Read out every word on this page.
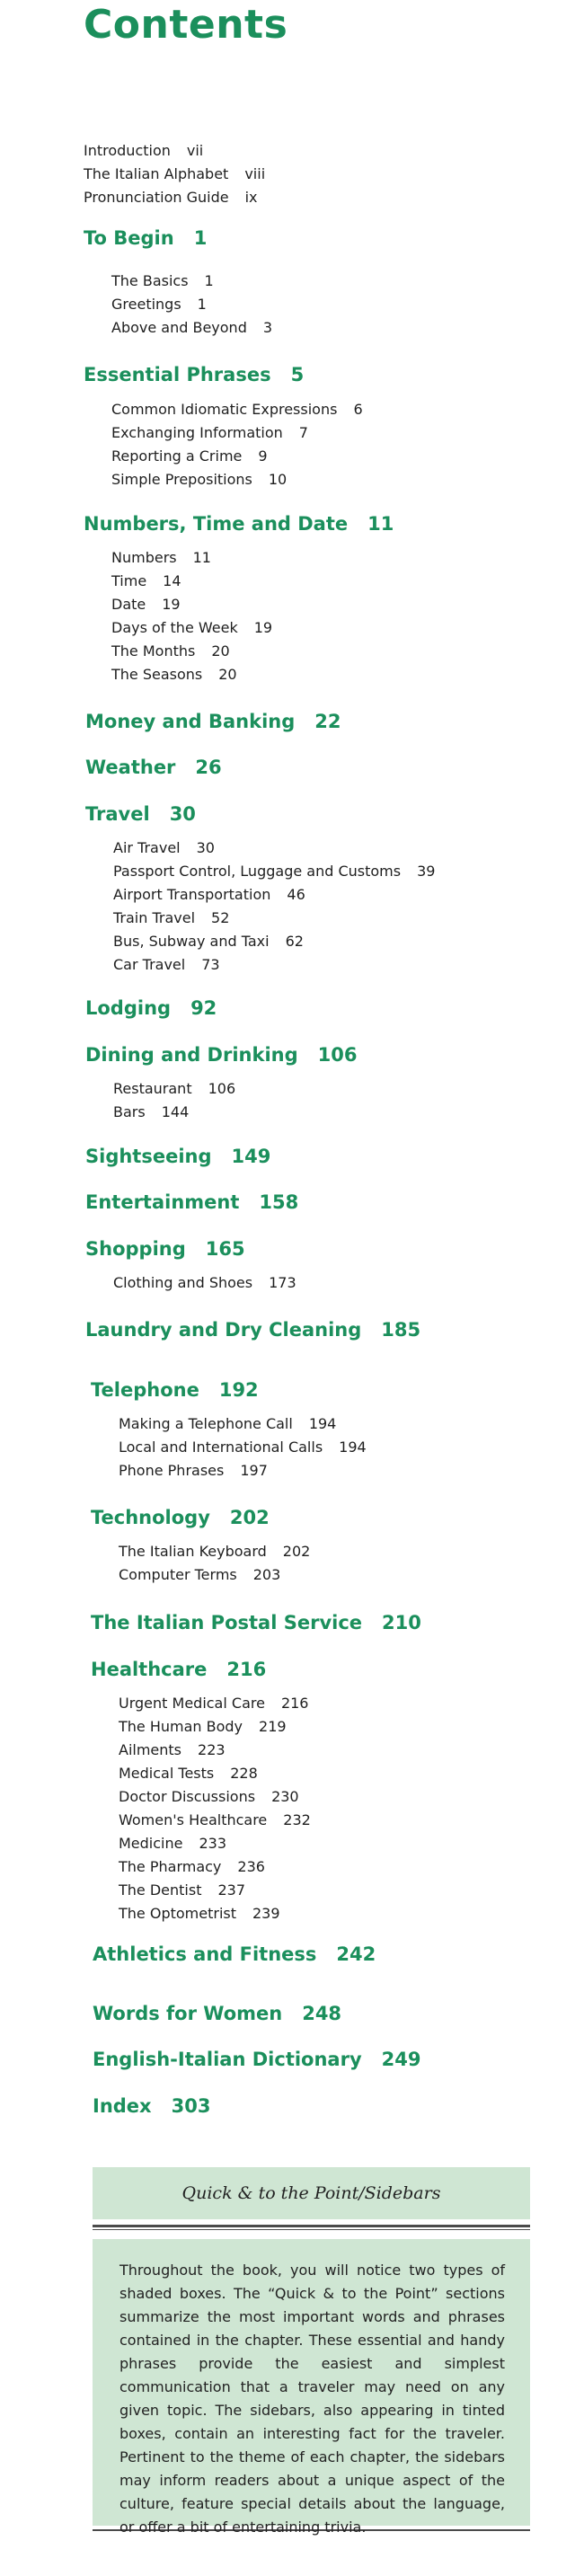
Contents
Introduction vii
The Italian Alphabet viii
Pronunciation Guide ix
To Begin 1
The Basics 1
Greetings 1
Above and Beyond 3
Essential Phrases 5
Common Idiomatic Expressions 6
Exchanging Information 7
Reporting a Crime 9
Simple Prepositions 10
Numbers, Time and Date 11
Numbers 11
Time 14
Date 19
Days of the Week 19
The Months 20
The Seasons 20
Money and Banking 22
Weather 26
Travel 30
Air Travel 30
Passport Control, Luggage and Customs 39
Airport Transportation 46
Train Travel 52
Bus, Subway and Taxi 62
Car Travel 73
Lodging 92
Dining and Drinking 106
Restaurant 106
Bars 144
Sightseeing 149
Entertainment 158
Shopping 165
Clothing and Shoes 173
Laundry and Dry Cleaning 185
Telephone 192
Making a Telephone Call 194
Local and International Calls 194
Phone Phrases 197
Technology 202
The Italian Keyboard 202
Computer Terms 203
The Italian Postal Service 210
Healthcare 216
Urgent Medical Care 216
The Human Body 219
Ailments 223
Medical Tests 228
Doctor Discussions 230
Women's Healthcare 232
Medicine 233
The Pharmacy 236
The Dentist 237
The Optometrist 239
Athletics and Fitness 242
Words for Women 248
English-Italian Dictionary 249
Index 303
Quick & to the Point/Sidebars
Throughout the book, you will notice two types of shaded boxes. The “Quick & to the Point” sections summarize the most important words and phrases contained in the chapter. These essential and handy phrases provide the easiest and simplest communication that a traveler may need on any given topic. The sidebars, also appearing in tinted boxes, contain an interesting fact for the traveler. Pertinent to the theme of each chapter, the sidebars may inform readers about a unique aspect of the culture, feature special details about the language, or offer a bit of entertaining trivia.
